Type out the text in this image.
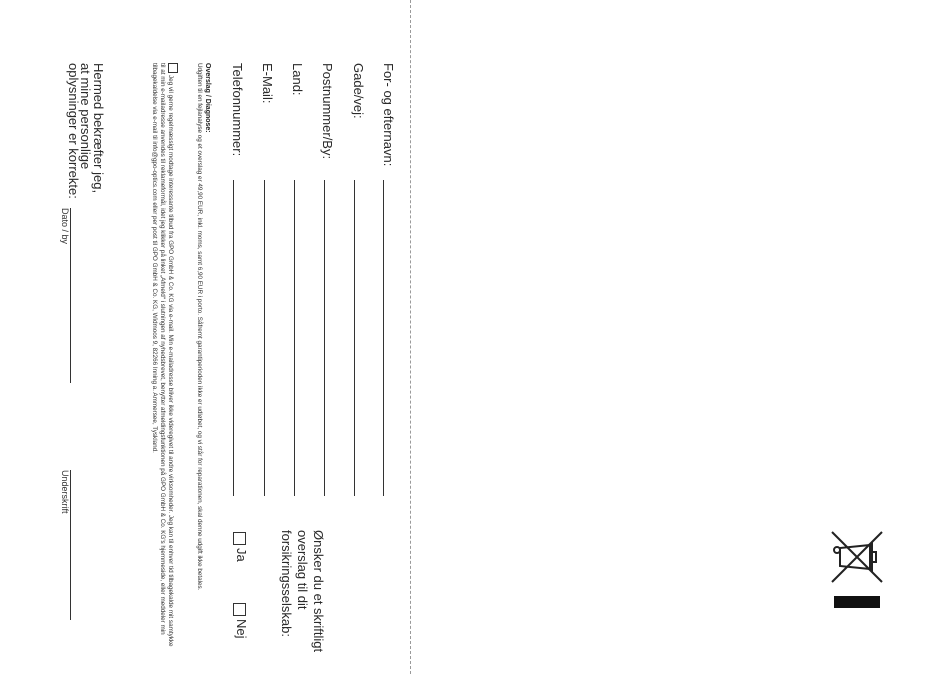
For- og efternavn:
Gade/vej:
Postnummer/By:
Land:
E-Mail:
Telefonnummer:
Overslag / Diagnose:
Udgiften til en fejlanalyse og et overslag er 49,90 EUR, inkl. moms, samt 6,90 EUR i porto. Såfremt garantiperioden ikke er udløbet, og vi står for reparationen, skal denne udgift ikke betales.
Jeg vil gerne regelmæssigt modtage interessante tilbud fra GPO GmbH & Co. KG via e-mail. Min e-mailadresse bliver ikke videregivet til andre virksomheder. Jeg kan til enhver tid tilbagekalde mit samtykke til at min e-mailadresse anvendes til reklameformål, idet jeg klikker på linket „Afmeld“ i slutningen af nyhedsbrevet, benytter afmeldingsfunktionen på GPO GmbH & Co. KG's hjemmeside, eller meddeler min tilbagekaldelse via e-mail til info@gpo-optics.com eller per post til GPO GmbH & Co. KG, Widmoos 9, 82266 Inning a. Ammersee, Tyskland.
Ønsker du et skriftligt overslag til dit forsikringsselskab:
Ja
Nej
Hermed bekræfter jeg, at mine personlige oplysninger er korrekte:
Dato / by
Underskrift
